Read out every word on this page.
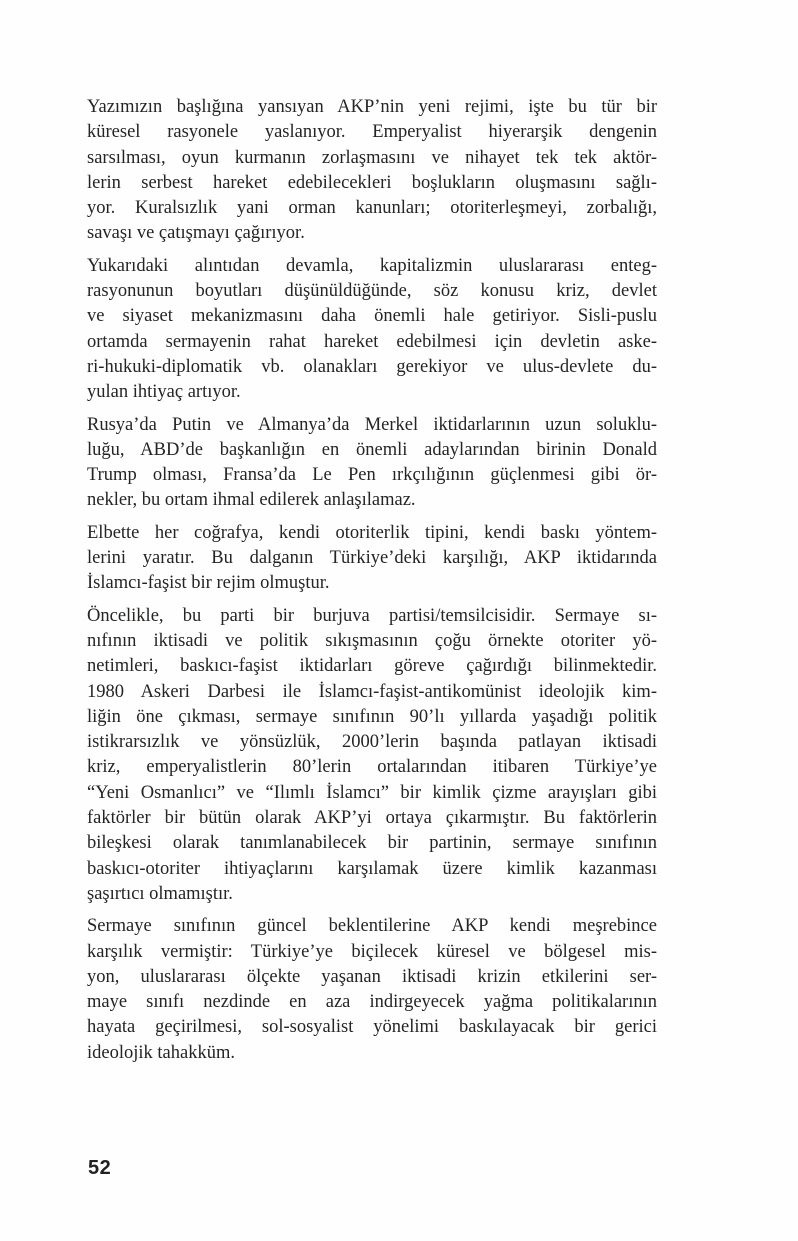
Yazımızın başlığına yansıyan AKP’nin yeni rejimi, işte bu tür bir
küresel rasyonele yaslanıyor. Emperyalist hiyerarşik dengenin
sarsılması, oyun kurmanın zorlaşmasını ve nihayet tek tek aktör-
lerin serbest hareket edebilecekleri boşlukların oluşmasını sağlı-
yor. Kuralsızlık yani orman kanunları; otoriterleşmeyi, zorbalığı,
savaşı ve çatışmayı çağırıyor.
Yukarıdaki alıntıdan devamla, kapitalizmin uluslararası enteg-
rasyonunun boyutları düşünüldüğünde, söz konusu kriz, devlet
ve siyaset mekanizmasını daha önemli hale getiriyor. Sisli-puslu
ortamda sermayenin rahat hareket edebilmesi için devletin aske-
ri-hukuki-diplomatik vb. olanakları gerekiyor ve ulus-devlete du-
yulan ihtiyaç artıyor.
Rusya’da Putin ve Almanya’da Merkel iktidarlarının uzun soluklu-
luğu, ABD’de başkanlığın en önemli adaylarından birinin Donald
Trump olması, Fransa’da Le Pen ırkçılığının güçlenmesi gibi ör-
nekler, bu ortam ihmal edilerek anlaşılamaz.
Elbette her coğrafya, kendi otoriterlik tipini, kendi baskı yöntem-
lerini yaratır. Bu dalganın Türkiye’deki karşılığı, AKP iktidarında
İslamcı-faşist bir rejim olmuştur.
Öncelikle, bu parti bir burjuva partisi/temsilcisidir. Sermaye sı-
nıfının iktisadi ve politik sıkışmasının çoğu örnekte otoriter yö-
netimleri, baskıcı-faşist iktidarları göreve çağırdığı bilinmektedir.
1980 Askeri Darbesi ile İslamcı-faşist-antikomünist ideolojik kim-
liğin öne çıkması, sermaye sınıfının 90’lı yıllarda yaşadığı politik
istikrarsızlık ve yönsüzlük, 2000’lerin başında patlayan iktisadi
kriz, emperyalistlerin 80’lerin ortalarından itibaren Türkiye’ye
“Yeni Osmanlıcı” ve “Ilımlı İslamcı” bir kimlik çizme arayışları gibi
faktörler bir bütün olarak AKP’yi ortaya çıkarmıştır. Bu faktörlerin
bileşkesi olarak tanımlanabilecek bir partinin, sermaye sınıfının
baskıcı-otoriter ihtiyaçlarını karşılamak üzere kimlik kazanması
şaşırtıcı olmamıştır.
Sermaye sınıfının güncel beklentilerine AKP kendi meşrebince
karşılık vermiştir: Türkiye’ye biçilecek küresel ve bölgesel mis-
yon, uluslararası ölçekte yaşanan iktisadi krizin etkilerini ser-
maye sınıfı nezdinde en aza indirgeyecek yağma politikalarının
hayata geçirilmesi, sol-sosyalist yönelimi baskılayacak bir gerici
ideolojik tahakküm.
52
